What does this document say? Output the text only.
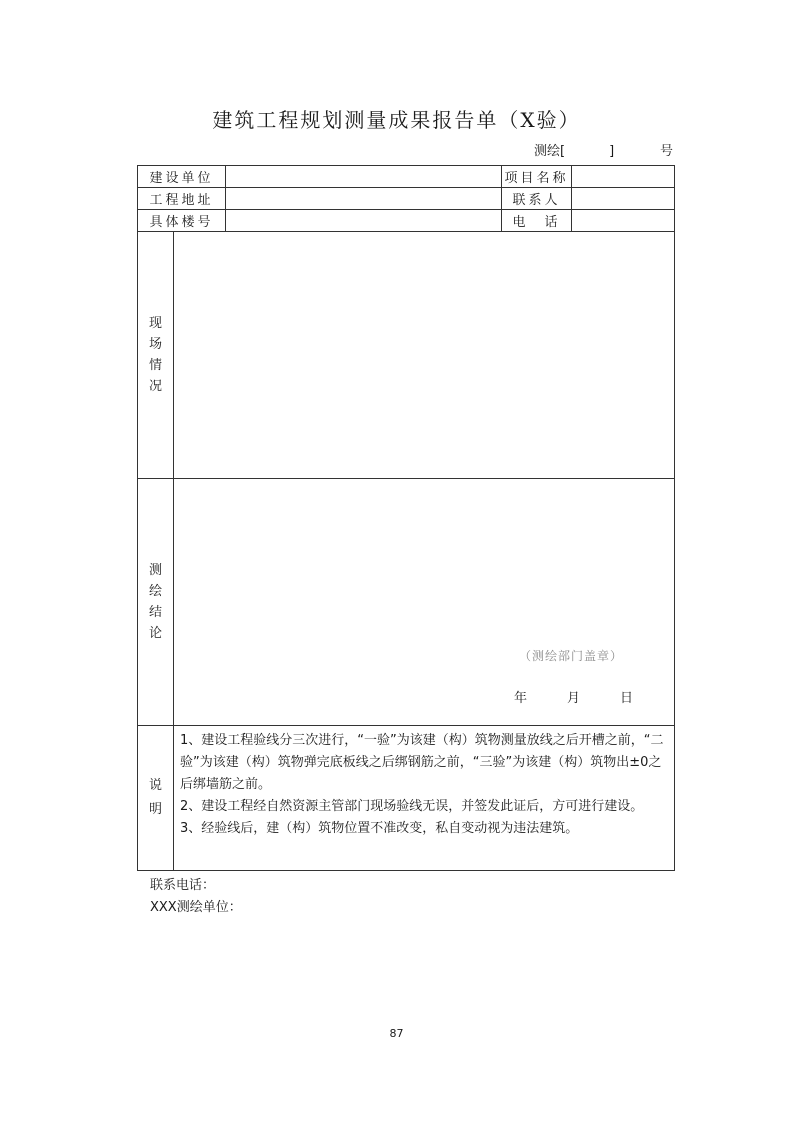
建筑工程规划测量成果报告单（X验）
测绘[	]	号
建设单位			项目名称	
工程地址			联系人	
具体楼号			电　话	
现场情况				
测绘结论	（测绘部门盖章）
年 月 日			

说明	1、建设工程验线分三次进行，“一验”为该建（构）筑物测量放线之后开槽之前，“二验”为该建（构）筑物弹完底板线之后绑钢筋之前，“三验”为该建（构）筑物出±0之后绑墙筋之前。

2、建设工程经自然资源主管部门现场验线无误，并签发此证后，方可进行建设。

3、经验线后，建（构）筑物位置不准改变，私自变动视为违法建筑。			

联系电话：
XXX测绘单位：
87
